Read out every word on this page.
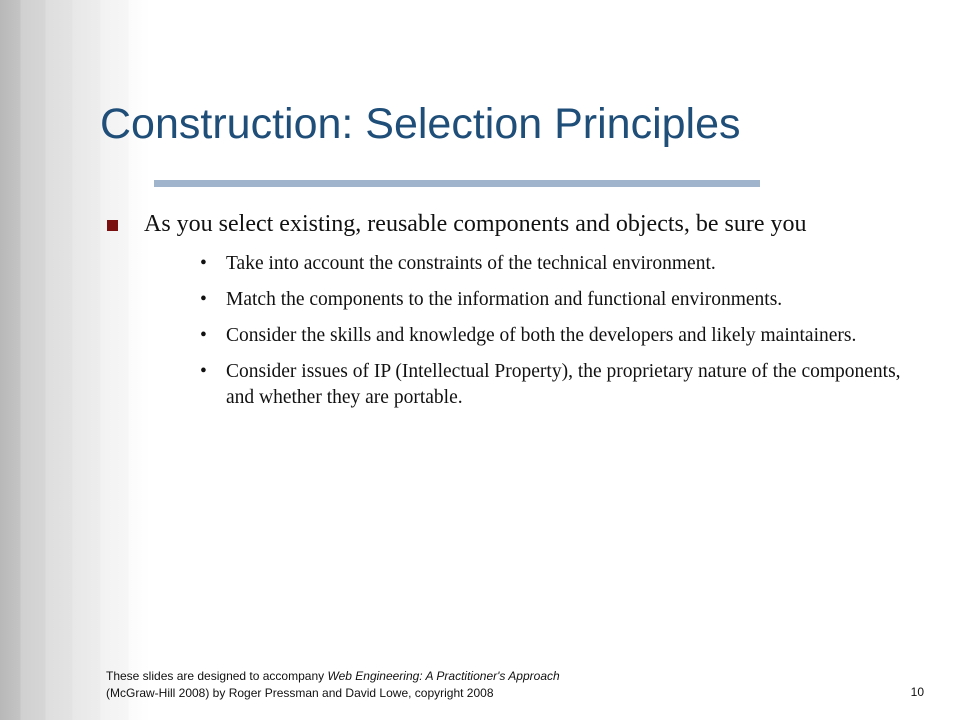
Construction: Selection Principles
As you select existing, reusable components and objects, be sure you
• Take into account the constraints of the technical environment.
• Match the components to the information and functional environments.
• Consider the skills and knowledge of both the developers and likely maintainers.
• Consider issues of IP (Intellectual Property), the proprietary nature of the components, and whether they are portable.
These slides are designed to accompany Web Engineering: A Practitioner's Approach
(McGraw-Hill 2008) by Roger Pressman and David Lowe, copyright 2008	10
